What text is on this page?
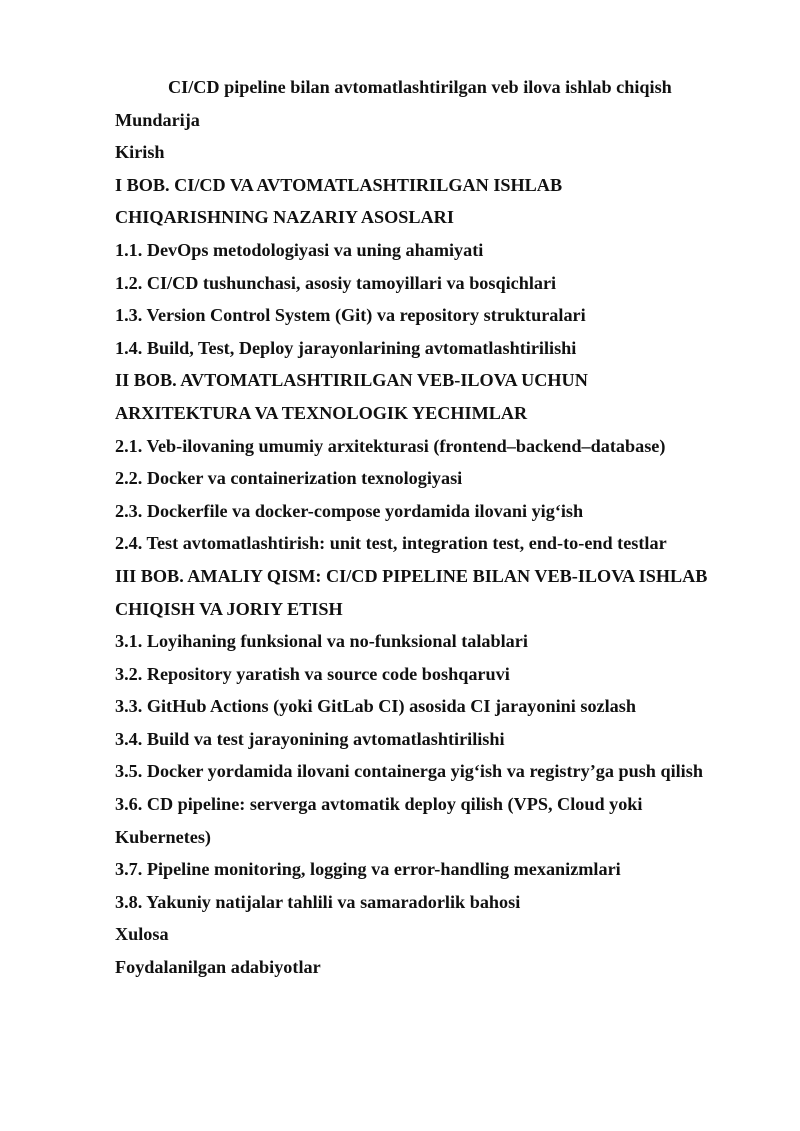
CI/CD pipeline bilan avtomatlashtirilgan veb ilova ishlab chiqish
Mundarija
Kirish
I BOB. CI/CD VA AVTOMATLASHTIRILGAN ISHLAB
CHIQARISHNING NAZARIY ASOSLARI
1.1. DevOps metodologiyasi va uning ahamiyati
1.2. CI/CD tushunchasi, asosiy tamoyillari va bosqichlari
1.3. Version Control System (Git) va repository strukturalari
1.4. Build, Test, Deploy jarayonlarining avtomatlashtirilishi
II BOB. AVTOMATLASHTIRILGAN VEB-ILOVA UCHUN
ARXITEKTURA VA TEXNOLOGIK YECHIMLAR
2.1. Veb-ilovaning umumiy arxitekturasi (frontend–backend–database)
2.2. Docker va containerization texnologiyasi
2.3. Dockerfile va docker-compose yordamida ilovani yig‘ish
2.4. Test avtomatlashtirish: unit test, integration test, end-to-end testlar
III BOB. AMALIY QISM: CI/CD PIPELINE BILAN VEB-ILOVA ISHLAB
CHIQISH VA JORIY ETISH
3.1. Loyihaning funksional va no-funksional talablari
3.2. Repository yaratish va source code boshqaruvi
3.3. GitHub Actions (yoki GitLab CI) asosida CI jarayonini sozlash
3.4. Build va test jarayonining avtomatlashtirilishi
3.5. Docker yordamida ilovani containerga yig‘ish va registry’ga push qilish
3.6. CD pipeline: serverga avtomatik deploy qilish (VPS, Cloud yoki
Kubernetes)
3.7. Pipeline monitoring, logging va error-handling mexanizmlari
3.8. Yakuniy natijalar tahlili va samaradorlik bahosi
Xulosa
Foydalanilgan adabiyotlar
